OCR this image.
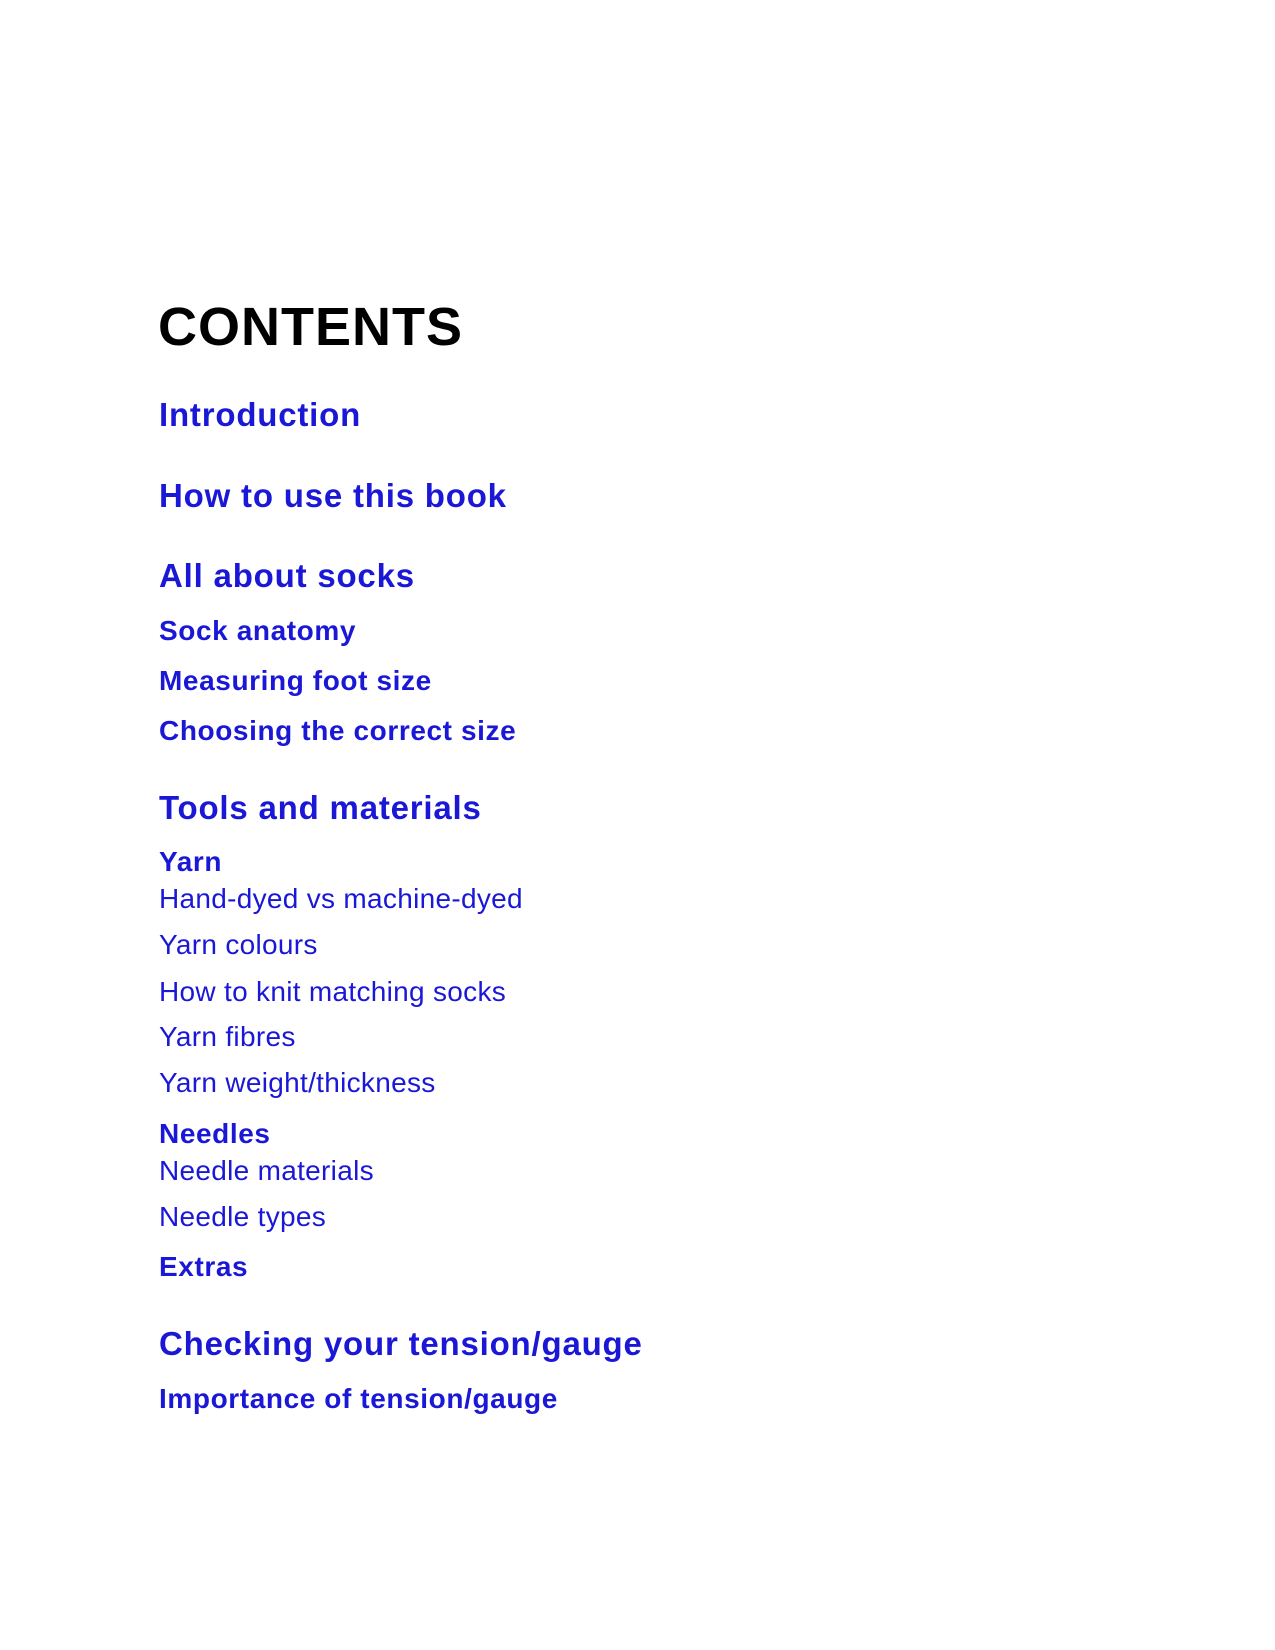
CONTENTS
Introduction
How to use this book
All about socks
Sock anatomy
Measuring foot size
Choosing the correct size
Tools and materials
Yarn
Hand-dyed vs machine-dyed
Yarn colours
How to knit matching socks
Yarn fibres
Yarn weight/thickness
Needles
Needle materials
Needle types
Extras
Checking your tension/gauge
Importance of tension/gauge
